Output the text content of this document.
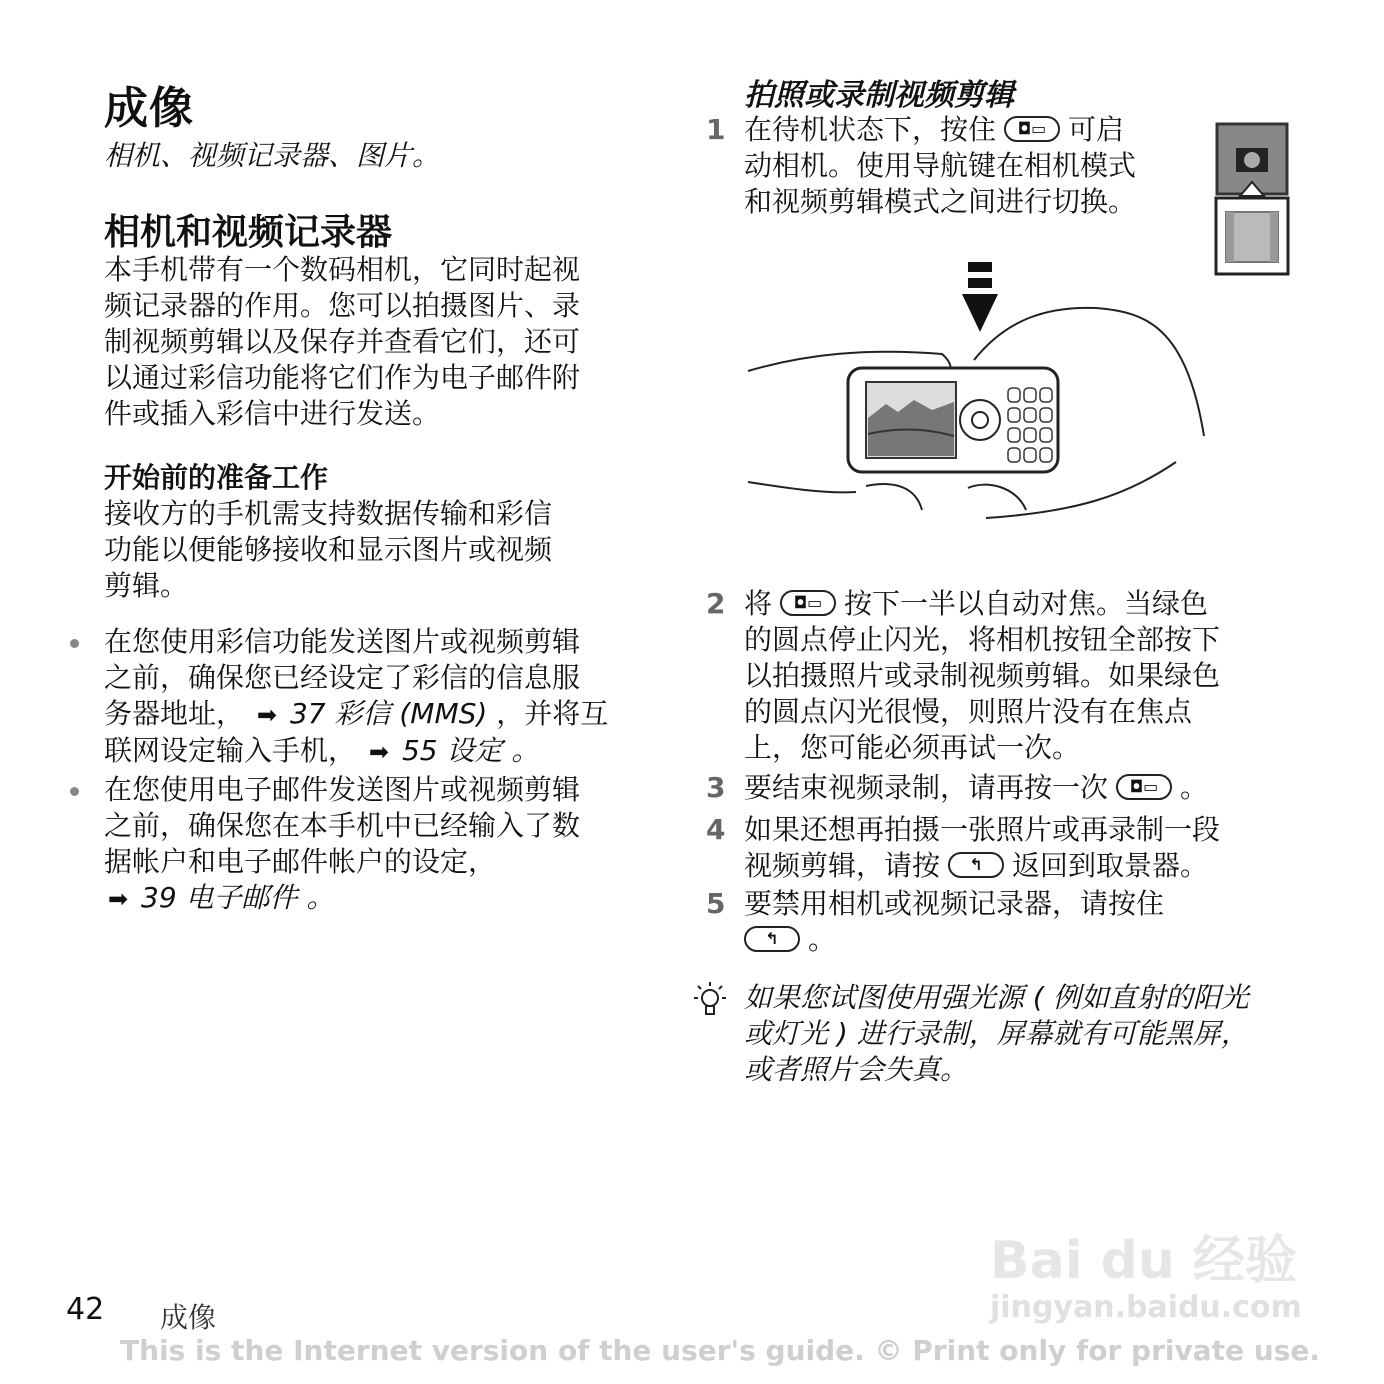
成像
相机、视频记录器、图片。
相机和视频记录器
本手机带有一个数码相机，它同时起视
频记录器的作用。您可以拍摄图片、录
制视频剪辑以及保存并查看它们，还可
以通过彩信功能将它们作为电子邮件附
件或插入彩信中进行发送。
开始前的准备工作
接收方的手机需支持数据传输和彩信
功能以便能够接收和显示图片或视频
剪辑。
在您使用彩信功能发送图片或视频剪辑
之前，确保您已经设定了彩信的信息服
务器地址， ➡ 37 彩信 (MMS) ，并将互
联网设定输入手机， ➡ 55 设定 。
在您使用电子邮件发送图片或视频剪辑
之前，确保您在本手机中已经输入了数
据帐户和电子邮件帐户的设定，
➡ 39 电子邮件 。
拍照或录制视频剪辑
1 在待机状态下，按住 ◘▭ 可启
动相机。使用导航键在相机模式
和视频剪辑模式之间进行切换。
2 将 ◘▭ 按下一半以自动对焦。当绿色
的圆点停止闪光，将相机按钮全部按下
以拍摄照片或录制视频剪辑。如果绿色
的圆点闪光很慢，则照片没有在焦点
上，您可能必须再试一次。
3 要结束视频录制，请再按一次 ◘▭ 。
4 如果还想再拍摄一张照片或再录制一段
视频剪辑，请按 ↰ 返回到取景器。
5 要禁用相机或视频记录器，请按住
↰ 。
如果您试图使用强光源 ( 例如直射的阳光
或灯光 ) 进行录制，屏幕就有可能黑屏，
或者照片会失真。
Bai du 经验
jingyan.baidu.com
42 成像
This is the Internet version of the user's guide. © Print only for private use.
